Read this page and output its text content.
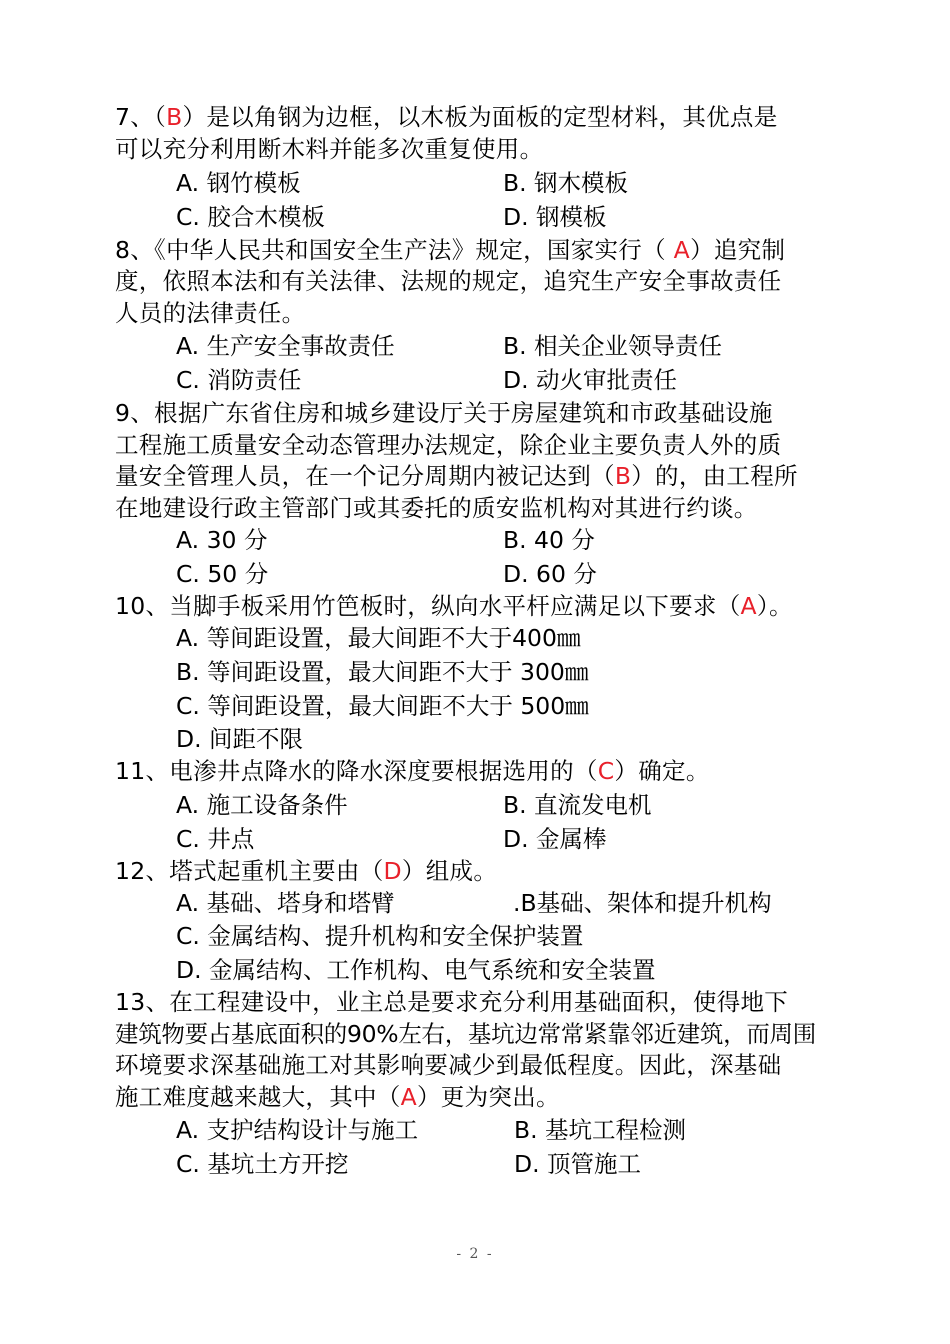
7、（B）是以角钢为边框，以木板为面板的定型材料，其优点是
可以充分利用断木料并能多次重复使用。
A. 钢竹模板	B. 钢木模板
C. 胶合木模板	D. 钢模板
8、《中华人民共和国安全生产法》规定，国家实行（ A）追究制
度，依照本法和有关法律、法规的规定，追究生产安全事故责任
人员的法律责任。
A. 生产安全事故责任	B. 相关企业领导责任
C. 消防责任	D. 动火审批责任
9、根据广东省住房和城乡建设厅关于房屋建筑和市政基础设施
工程施工质量安全动态管理办法规定，除企业主要负责人外的质
量安全管理人员，在一个记分周期内被记达到（B）的，由工程所
在地建设行政主管部门或其委托的质安监机构对其进行约谈。
A. 30 分	B. 40 分
C. 50 分	D. 60 分
10、当脚手板采用竹笆板时，纵向水平杆应满足以下要求（A）。
A. 等间距设置，最大间距不大于400㎜
B. 等间距设置，最大间距不大于 300㎜
C. 等间距设置，最大间距不大于 500㎜
D. 间距不限
11、电渗井点降水的降水深度要根据选用的（C）确定。
A. 施工设备条件	B. 直流发电机
C. 井点	D. 金属棒
12、塔式起重机主要由（D）组成。
A. 基础、塔身和塔臂	.B基础、架体和提升机构
C. 金属结构、提升机构和安全保护装置
D. 金属结构、工作机构、电气系统和安全装置
13、在工程建设中，业主总是要求充分利用基础面积，使得地下
建筑物要占基底面积的90%左右，基坑边常常紧靠邻近建筑，而周围
环境要求深基础施工对其影响要减少到最低程度。因此，深基础
施工难度越来越大，其中（A）更为突出。
A. 支护结构设计与施工	B. 基坑工程检测
C. 基坑土方开挖	D. 顶管施工
- 2 -
